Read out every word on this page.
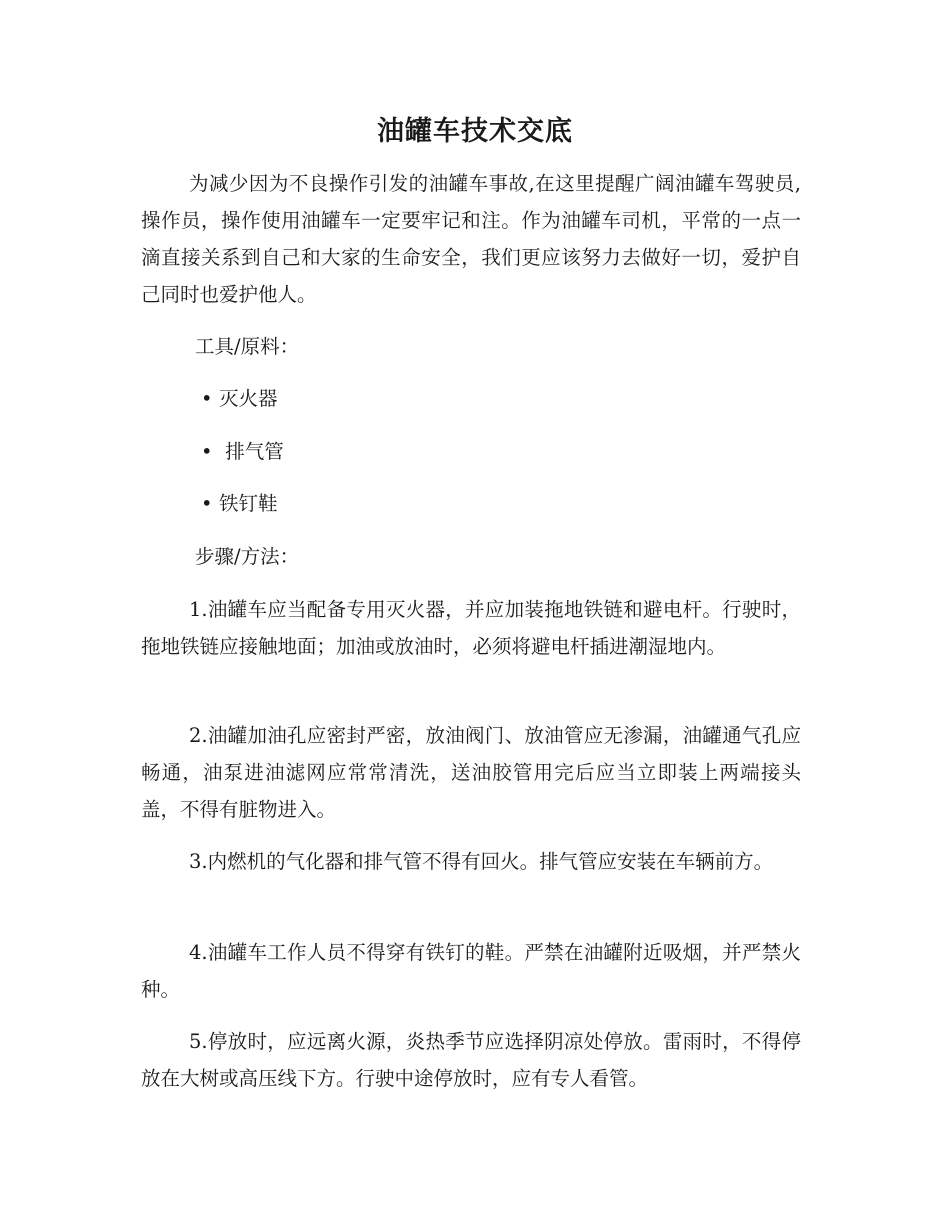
油罐车技术交底

为减少因为不良操作引发的油罐车事故,在这里提醒广阔油罐车驾驶员,操作员，操作使用油罐车一定要牢记和注。作为油罐车司机，平常的一点一滴直接关系到自己和大家的生命安全，我们更应该努力去做好一切，爱护自己同时也爱护他人。

工具/原料：

• 灭火器

• 排气管

• 铁钉鞋

步骤/方法：

1.油罐车应当配备专用灭火器，并应加装拖地铁链和避电杆。行驶时，拖地铁链应接触地面；加油或放油时，必须将避电杆插进潮湿地内。

2.油罐加油孔应密封严密，放油阀门、放油管应无渗漏，油罐通气孔应畅通，油泵进油滤网应常常清洗，送油胶管用完后应当立即装上两端接头盖，不得有脏物进入。

3.内燃机的气化器和排气管不得有回火。排气管应安装在车辆前方。

4.油罐车工作人员不得穿有铁钉的鞋。严禁在油罐附近吸烟，并严禁火种。

5.停放时，应远离火源，炎热季节应选择阴凉处停放。雷雨时，不得停放在大树或高压线下方。行驶中途停放时，应有专人看管。
